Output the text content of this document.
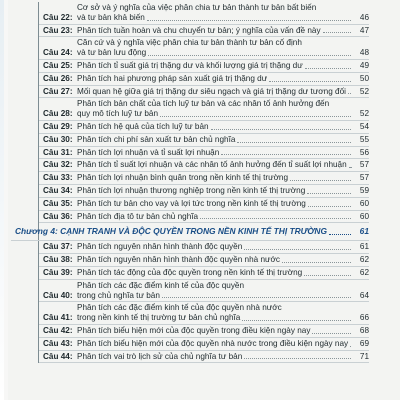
Câu 22:
Cơ sở và ý nghĩa của việc phân chia tư bản thành tư bản bất biến
và tư bản khả biến	46
Câu 23: Phân tích tuần hoàn và chu chuyển tư bản; ý nghĩa của vấn đề này	47
Câu 24:
Căn cứ và ý nghĩa việc phân chia tư bản thành tư bản cố định
và tư bản lưu động	48
Câu 25: Phân tích tỉ suất giá trị thặng dư và khối lượng giá trị thặng dư	49
Câu 26: Phân tích hai phương pháp sản xuất giá trị thặng dư	50
Câu 27: Mối quan hệ giữa giá trị thặng dư siêu ngạch và giá trị thặng dư tương đối	52
Câu 28:
Phân tích bản chất của tích luỹ tư bản và các nhân tố ảnh hưởng đến
quy mô tích luỹ tư bản	52
Câu 29: Phân tích hệ quả của tích luỹ tư bản	54
Câu 30: Phân tích chi phí sản xuất tư bản chủ nghĩa	55
Câu 31: Phân tích lợi nhuận và tỉ suất lợi nhuận	56
Câu 32: Phân tích tỉ suất lợi nhuận và các nhân tố ảnh hưởng đến tỉ suất lợi nhuận	57
Câu 33: Phân tích lợi nhuận bình quân trong nền kinh tế thị trường	57
Câu 34: Phân tích lợi nhuận thương nghiệp trong nền kinh tế thị trường	59
Câu 35: Phân tích tư bản cho vay và lợi tức trong nền kinh tế thị trường	60
Câu 36: Phân tích địa tô tư bản chủ nghĩa	60
Chương 4: CẠNH TRANH VÀ ĐỘC QUYỀN TRONG NỀN KINH TẾ THỊ TRƯỜNG	61
Câu 37: Phân tích nguyên nhân hình thành độc quyền	61
Câu 38: Phân tích nguyên nhân hình thành độc quyền nhà nước	62
Câu 39: Phân tích tác động của độc quyền trong nền kinh tế thị trường	62
Câu 40:
Phân tích các đặc điểm kinh tế của độc quyền
trong chủ nghĩa tư bản	64
Câu 41:
Phân tích các đặc điểm kinh tế của độc quyền nhà nước
trong nền kinh tế thị trường tư bản chủ nghĩa	66
Câu 42: Phân tích biểu hiện mới của độc quyền trong điều kiện ngày nay	68
Câu 43: Phân tích biểu hiện mới của độc quyền nhà nước trong điều kiện ngày nay	69
Câu 44: Phân tích vai trò lịch sử của chủ nghĩa tư bản	71
